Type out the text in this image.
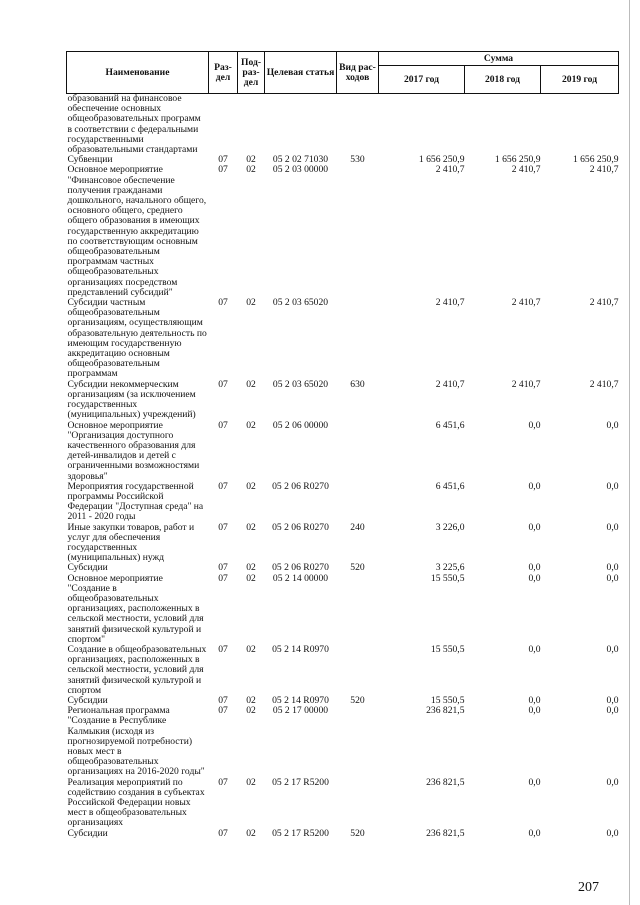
Наименование	Раз- дел	Под- раз- дел	Целевая статья	Вид рас- ходов	Сумма		
					2017 год	2018 год	2019 год
образований на финансовое обеспечение основных общеобразовательных программ в соответствии с федеральными государственными образовательными стандартами							
Субвенции	07	02	05 2 02 71030	530	1 656 250,9	1 656 250,9	1 656 250,9
Основное мероприятие "Финансовое обеспечение получения гражданами дошкольного, начального общего, основного общего, среднего общего образования в имеющих государственную аккредитацию по соответствующим основным общеобразовательным программам частных общеобразовательных организациях посредством представлений субсидий"	07	02	05 2 03 00000		2 410,7	2 410,7	2 410,7
Субсидии частным общеобразовательным организациям, осуществляющим образовательную деятельность по имеющим государственную аккредитацию основным общеобразовательным программам	07	02	05 2 03 65020		2 410,7	2 410,7	2 410,7
Субсидии некоммерческим организациям (за исключением государственных (муниципальных) учреждений)	07	02	05 2 03 65020	630	2 410,7	2 410,7	2 410,7
Основное мероприятие "Организация доступного качественного образования для детей-инвалидов и детей с ограниченными возможностями здоровья"	07	02	05 2 06 00000		6 451,6	0,0	0,0
Мероприятия государственной программы Российской Федерации "Доступная среда" на 2011 - 2020 годы	07	02	05 2 06 R0270		6 451,6	0,0	0,0
Иные закупки товаров, работ и услуг для обеспечения государственных (муниципальных) нужд	07	02	05 2 06 R0270	240	3 226,0	0,0	0,0
Субсидии	07	02	05 2 06 R0270	520	3 225,6	0,0	0,0
Основное мероприятие "Создание в общеобразовательных организациях, расположенных в сельской местности, условий для занятий физической культурой и спортом"	07	02	05 2 14 00000		15 550,5	0,0	0,0
Создание в общеобразовательных организациях, расположенных в сельской местности, условий для занятий физической культурой и спортом	07	02	05 2 14 R0970		15 550,5	0,0	0,0
Субсидии	07	02	05 2 14 R0970	520	15 550,5	0,0	0,0
Региональная программа "Создание в Республике Калмыкия (исходя из прогнозируемой потребности) новых мест в общеобразовательных организациях на 2016-2020 годы"	07	02	05 2 17 00000		236 821,5	0,0	0,0
Реализация мероприятий по содействию создания в субъектах Российской Федерации новых мест в общеобразовательных организациях	07	02	05 2 17 R5200		236 821,5	0,0	0,0
Субсидии	07	02	05 2 17 R5200	520	236 821,5	0,0	0,0
207
